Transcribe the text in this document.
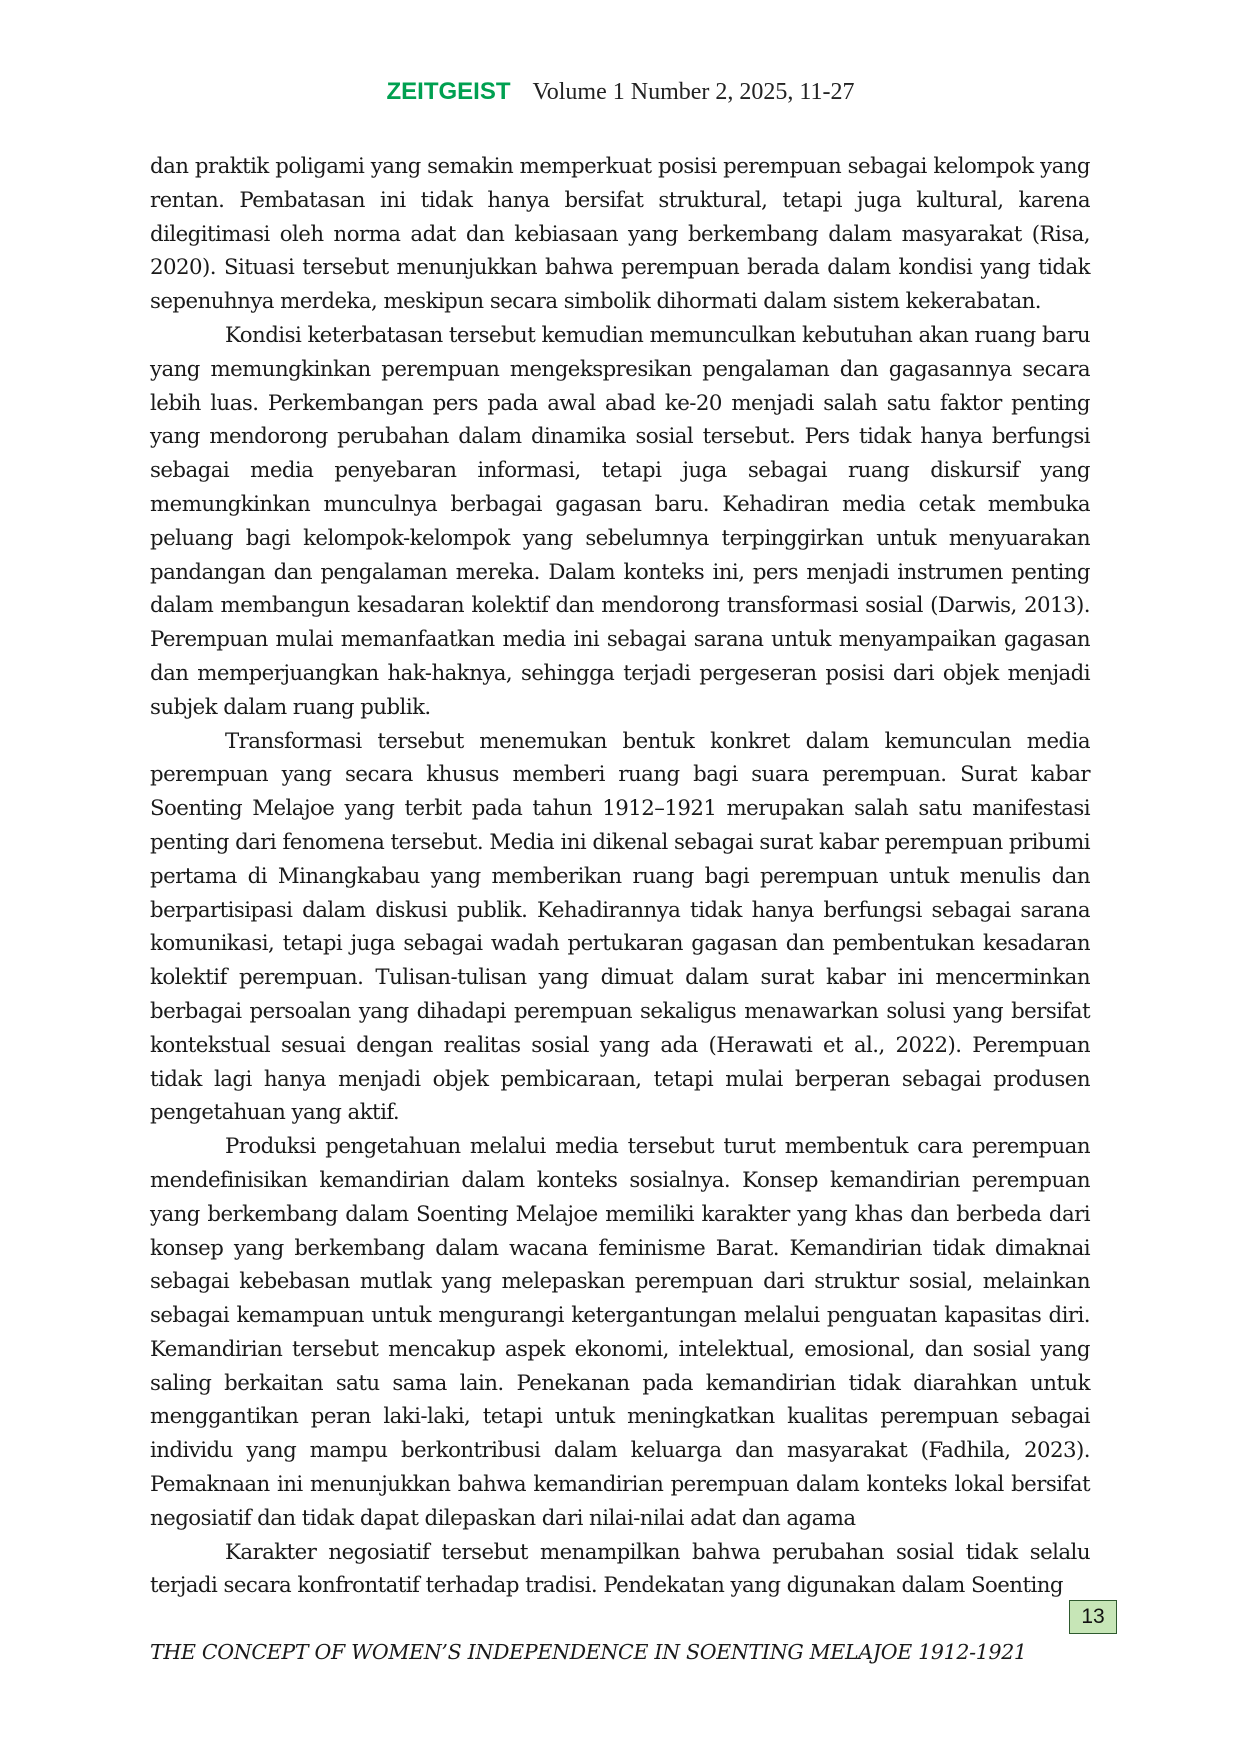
ZEITGEIST Volume 1 Number 2, 2025, 11-27

dan praktik poligami yang semakin memperkuat posisi perempuan sebagai kelompok yang rentan. Pembatasan ini tidak hanya bersifat struktural, tetapi juga kultural, karena dilegitimasi oleh norma adat dan kebiasaan yang berkembang dalam masyarakat (Risa, 2020). Situasi tersebut menunjukkan bahwa perempuan berada dalam kondisi yang tidak sepenuhnya merdeka, meskipun secara simbolik dihormati dalam sistem kekerabatan.

Kondisi keterbatasan tersebut kemudian memunculkan kebutuhan akan ruang baru yang memungkinkan perempuan mengekspresikan pengalaman dan gagasannya secara lebih luas. Perkembangan pers pada awal abad ke-20 menjadi salah satu faktor penting yang mendorong perubahan dalam dinamika sosial tersebut. Pers tidak hanya berfungsi sebagai media penyebaran informasi, tetapi juga sebagai ruang diskursif yang memungkinkan munculnya berbagai gagasan baru. Kehadiran media cetak membuka peluang bagi kelompok-kelompok yang sebelumnya terpinggirkan untuk menyuarakan pandangan dan pengalaman mereka. Dalam konteks ini, pers menjadi instrumen penting dalam membangun kesadaran kolektif dan mendorong transformasi sosial (Darwis, 2013). Perempuan mulai memanfaatkan media ini sebagai sarana untuk menyampaikan gagasan dan memperjuangkan hak-haknya, sehingga terjadi pergeseran posisi dari objek menjadi subjek dalam ruang publik.

Transformasi tersebut menemukan bentuk konkret dalam kemunculan media perempuan yang secara khusus memberi ruang bagi suara perempuan. Surat kabar Soenting Melajoe yang terbit pada tahun 1912–1921 merupakan salah satu manifestasi penting dari fenomena tersebut. Media ini dikenal sebagai surat kabar perempuan pribumi pertama di Minangkabau yang memberikan ruang bagi perempuan untuk menulis dan berpartisipasi dalam diskusi publik. Kehadirannya tidak hanya berfungsi sebagai sarana komunikasi, tetapi juga sebagai wadah pertukaran gagasan dan pembentukan kesadaran kolektif perempuan. Tulisan-tulisan yang dimuat dalam surat kabar ini mencerminkan berbagai persoalan yang dihadapi perempuan sekaligus menawarkan solusi yang bersifat kontekstual sesuai dengan realitas sosial yang ada (Herawati et al., 2022). Perempuan tidak lagi hanya menjadi objek pembicaraan, tetapi mulai berperan sebagai produsen pengetahuan yang aktif.

Produksi pengetahuan melalui media tersebut turut membentuk cara perempuan mendefinisikan kemandirian dalam konteks sosialnya. Konsep kemandirian perempuan yang berkembang dalam Soenting Melajoe memiliki karakter yang khas dan berbeda dari konsep yang berkembang dalam wacana feminisme Barat. Kemandirian tidak dimaknai sebagai kebebasan mutlak yang melepaskan perempuan dari struktur sosial, melainkan sebagai kemampuan untuk mengurangi ketergantungan melalui penguatan kapasitas diri. Kemandirian tersebut mencakup aspek ekonomi, intelektual, emosional, dan sosial yang saling berkaitan satu sama lain. Penekanan pada kemandirian tidak diarahkan untuk menggantikan peran laki-laki, tetapi untuk meningkatkan kualitas perempuan sebagai individu yang mampu berkontribusi dalam keluarga dan masyarakat (Fadhila, 2023). Pemaknaan ini menunjukkan bahwa kemandirian perempuan dalam konteks lokal bersifat negosiatif dan tidak dapat dilepaskan dari nilai-nilai adat dan agama

Karakter negosiatif tersebut menampilkan bahwa perubahan sosial tidak selalu terjadi secara konfrontatif terhadap tradisi. Pendekatan yang digunakan dalam Soenting

13
THE CONCEPT OF WOMEN’S INDEPENDENCE IN SOENTING MELAJOE 1912-1921
